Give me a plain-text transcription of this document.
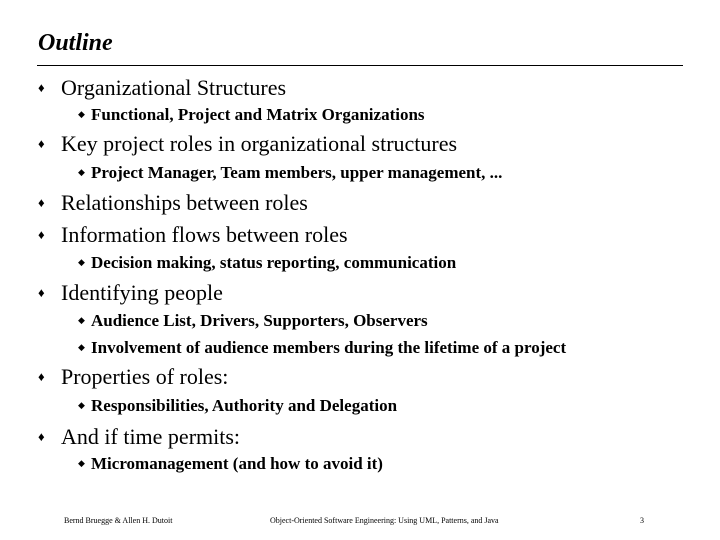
Outline
♦ Organizational Structures
◆ Functional, Project and Matrix Organizations
♦ Key project roles in organizational structures
◆ Project Manager, Team members, upper management, ...
♦ Relationships between roles
♦ Information flows between roles
◆ Decision making, status reporting, communication
♦ Identifying people
◆ Audience List, Drivers, Supporters, Observers
◆ Involvement of audience members during the lifetime of a project
♦ Properties of roles:
◆ Responsibilities, Authority and Delegation
♦ And if time permits:
◆ Micromanagement (and how to avoid it)
Bernd Bruegge & Allen H. Dutoit	Object-Oriented Software Engineering: Using UML, Patterns, and Java	3
